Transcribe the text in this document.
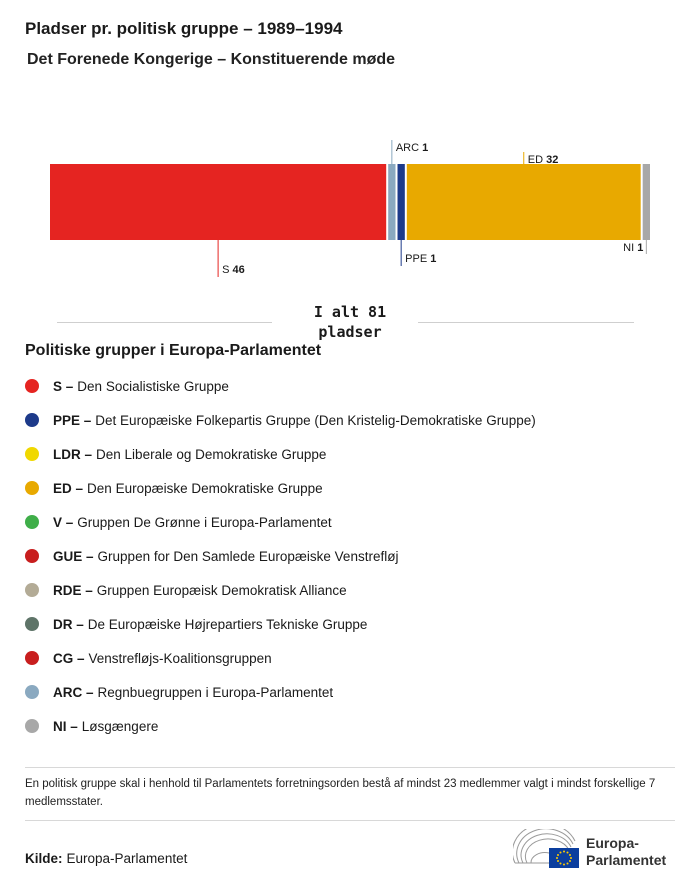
Pladser pr. politisk gruppe – 1989–1994
Det Forenede Kongerige – Konstituerende møde
S 46
ARC 1
PPE 1
ED 32
NI 1
I alt 81
pladser
Politiske grupper i Europa-Parlamentet
S – Den Socialistiske Gruppe
PPE – Det Europæiske Folkepartis Gruppe (Den Kristelig-Demokratiske Gruppe)
LDR – Den Liberale og Demokratiske Gruppe
ED – Den Europæiske Demokratiske Gruppe
V – Gruppen De Grønne i Europa-Parlamentet
GUE – Gruppen for Den Samlede Europæiske Venstrefløj
RDE – Gruppen Europæisk Demokratisk Alliance
DR – De Europæiske Højrepartiers Tekniske Gruppe
CG – Venstrefløjs-Koalitionsgruppen
ARC – Regnbuegruppen i Europa-Parlamentet
NI – Løsgængere

En politisk gruppe skal i henhold til Parlamentets forretningsorden bestå af mindst 23 medlemmer valgt i mindst forskellige 7 medlemsstater.

Kilde: Europa-Parlamentet
Europa-
Parlamentet
